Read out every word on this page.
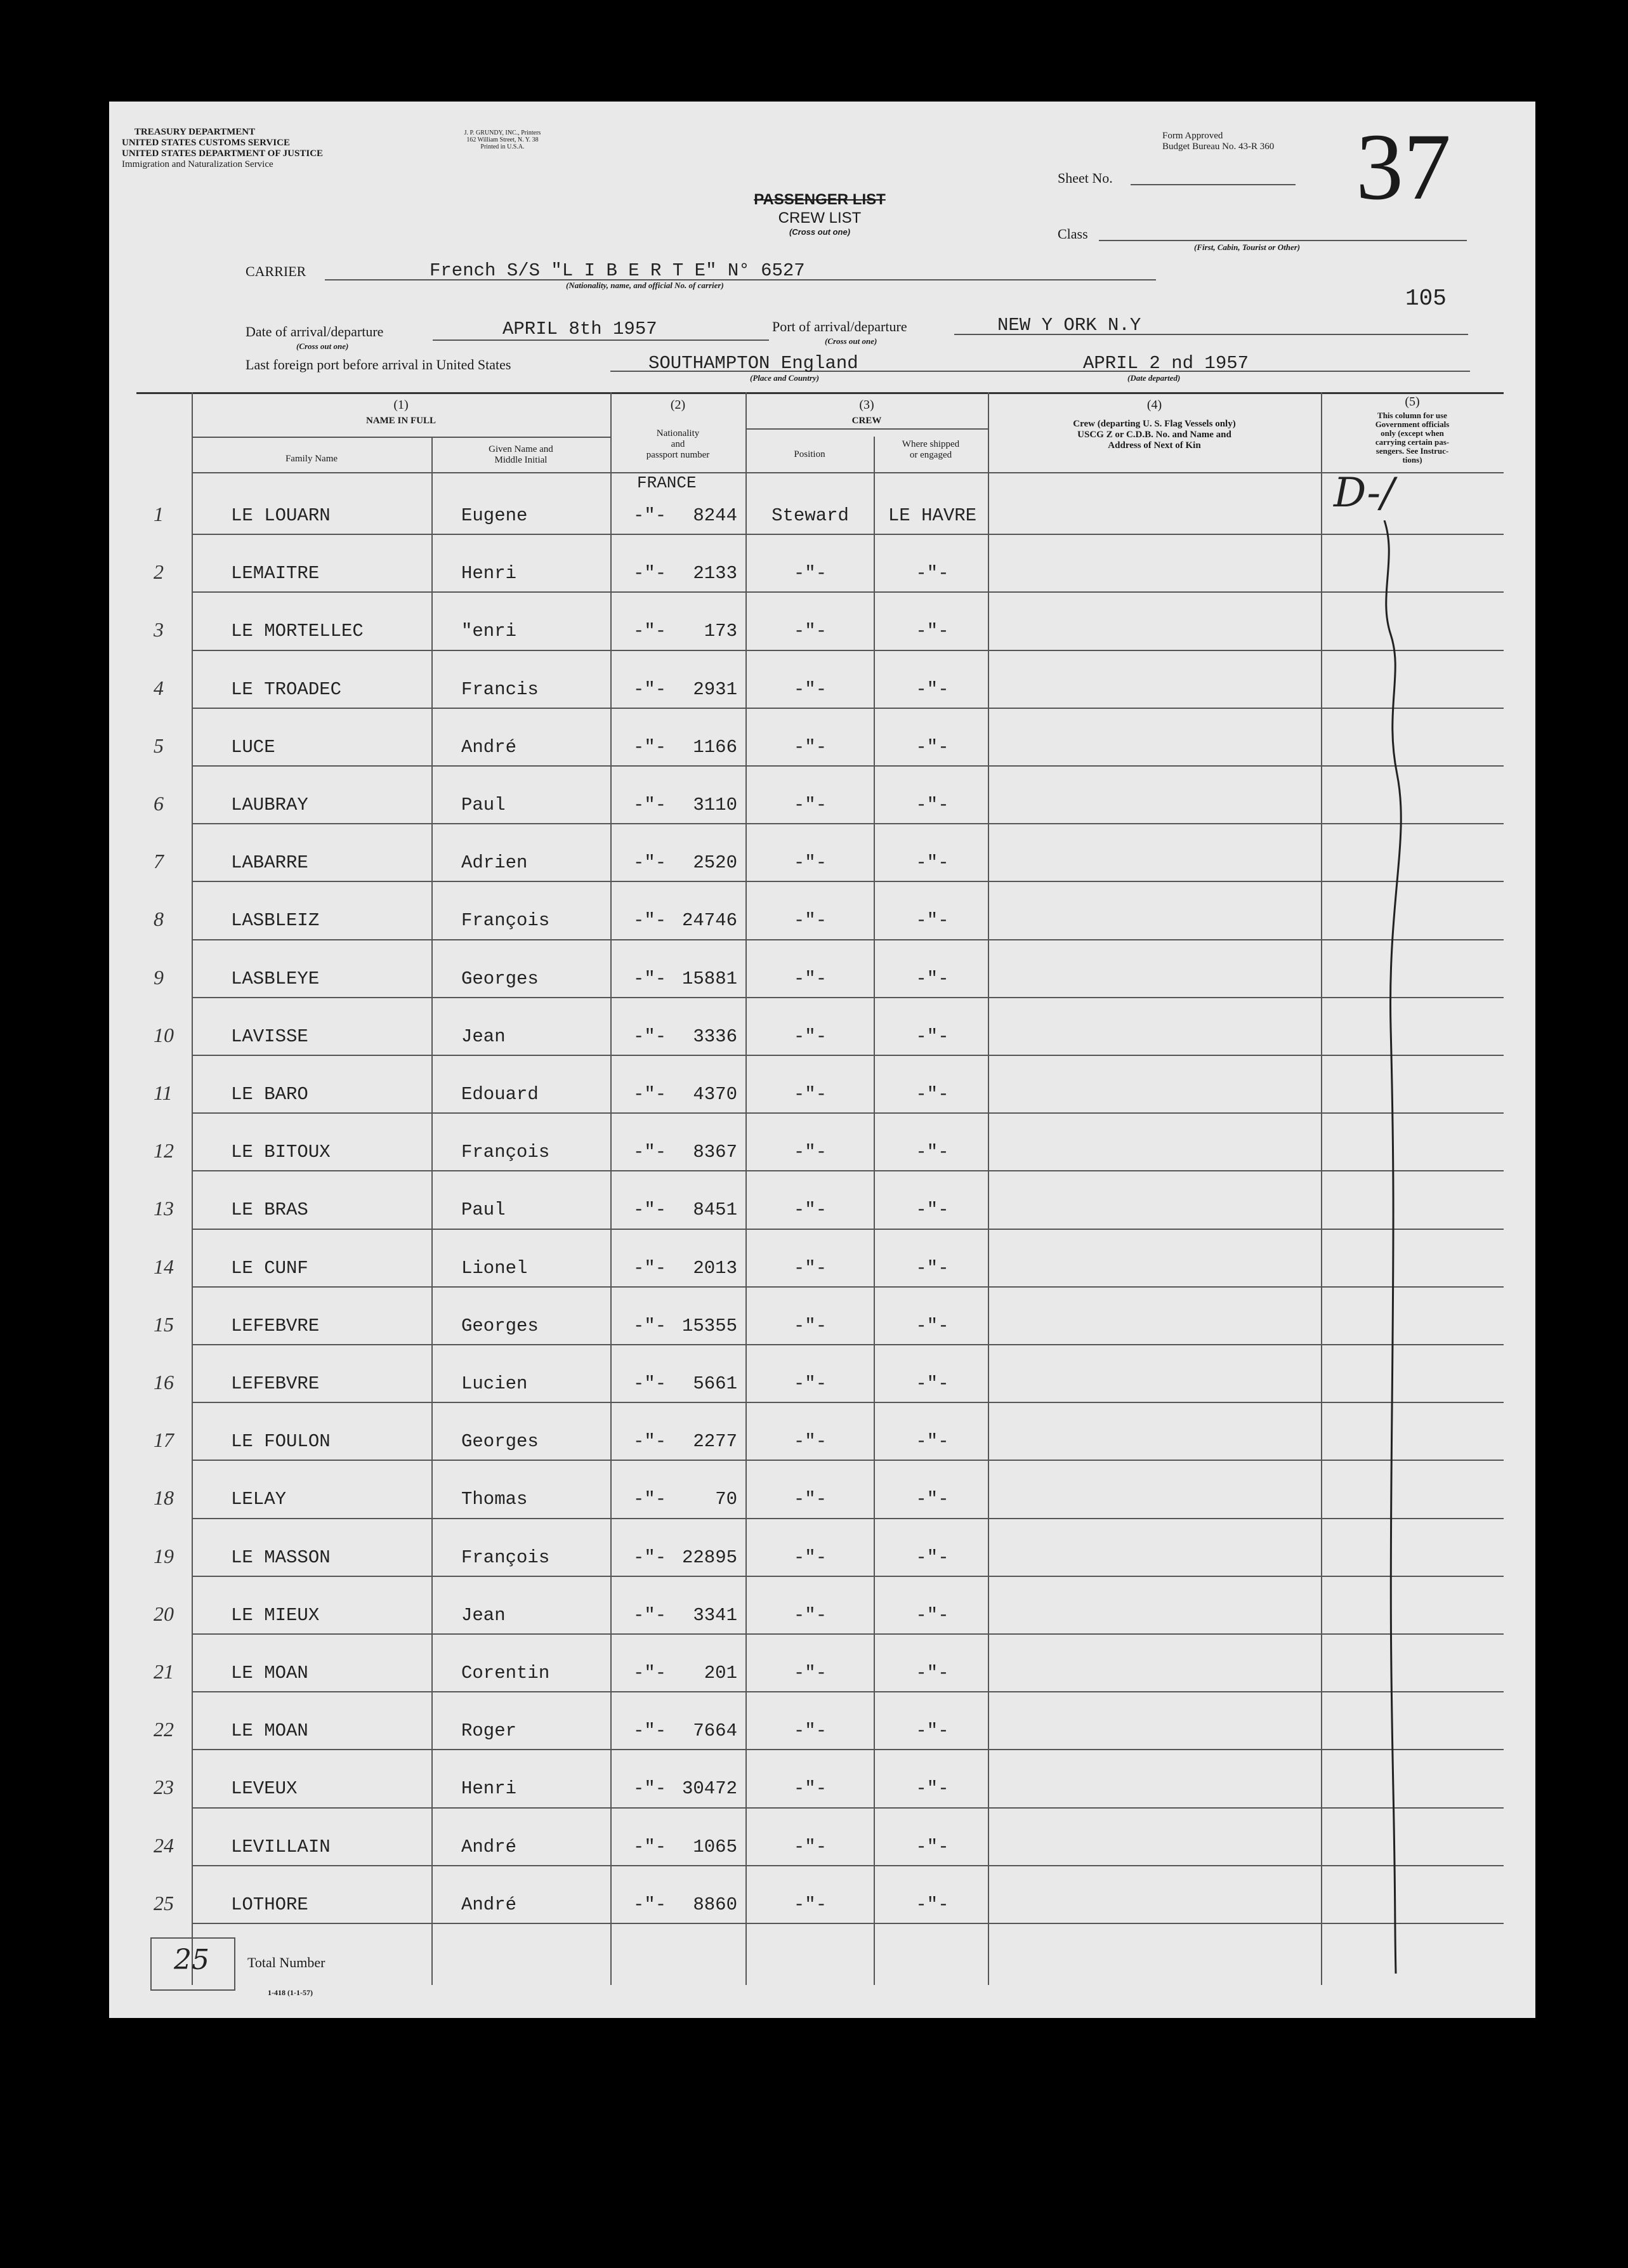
TREASURY DEPARTMENT
UNITED STATES CUSTOMS SERVICE
UNITED STATES DEPARTMENT OF JUSTICE
Immigration and Naturalization Service
J. P. GRUNDY, INC., Printers
162 William Street, N. Y. 38
Printed in U.S.A.
Form Approved
Budget Bureau No. 43-R 360
Sheet No.	37
Class
(First, Cabin, Tourist or Other)
PASSENGER LIST
CREW LIST
(Cross out one)
CARRIER	French S/S "L I B E R T E" N° 6527
(Nationality, name, and official No. of carrier)
105
Date of arrival/departure
(Cross out one)
APRIL 8th 1957	Port of arrival/departure
(Cross out one)
NEW Y ORK N.Y
Last foreign port before arrival in United States	SOUTHAMPTON England
(Place and Country)
APRIL 2 nd 1957
(Date departed)
(1)
NAME IN FULL
Family Name
Given Name and
Middle Initial
(2)
Nationality
and
passport number
(3)
CREW
Position
Where shipped
or engaged
(4)
Crew (departing U. S. Flag Vessels only)
USCG Z or C.D.B. No. and Name and
Address of Next of Kin
(5)
This column for use
Government officials
only (except when
carrying certain pas-
sengers. See Instruc-
tions)
FRANCE
1	LE LOUARN	Eugene	-"-	8244	Steward	LE HAVRE
2	LEMAITRE	Henri	-"-	2133	-"-	-"-
3	LE MORTELLEC	"enri	-"-	173	-"-	-"-
4	LE TROADEC	Francis	-"-	2931	-"-	-"-
5	LUCE	André	-"-	1166	-"-	-"-
6	LAUBRAY	Paul	-"-	3110	-"-	-"-
7	LABARRE	Adrien	-"-	2520	-"-	-"-
8	LASBLEIZ	François	-"- 24746	-"-	-"-
9	LASBLEYE	Georges	-"- 15881	-"-	-"-
10	LAVISSE	Jean	-"-	3336	-"-	-"-
11	LE BARO	Edouard	-"-	4370	-"-	-"-
12	LE BITOUX	François	-"-	8367	-"-	-"-
13	LE BRAS	Paul	-"-	8451	-"-	-"-
14	LE CUNF	Lionel	-"-	2013	-"-	-"-
15	LEFEBVRE	Georges	-"- 15355	-"-	-"-
16	LEFEBVRE	Lucien	-"-	5661	-"-	-"-
17	LE FOULON	Georges	-"-	2277	-"-	-"-
18	LELAY	Thomas	-"-	70	-"-	-"-
19	LE MASSON	François	-"- 22895	-"-	-"-
20	LE MIEUX	Jean	-"-	3341	-"-	-"-
21	LE MOAN	Corentin	-"-	201	-"-	-"-
22	LE MOAN	Roger	-"-	7664	-"-	-"-
23	LEVEUX	Henri	-"- 30472	-"-	-"-
24	LEVILLAIN	André	-"-	1065	-"-	-"-
25	LOTHORE	André	-"-	8860	-"-	-"-
D-/
25	Total Number
1-418 (1-1-57)
